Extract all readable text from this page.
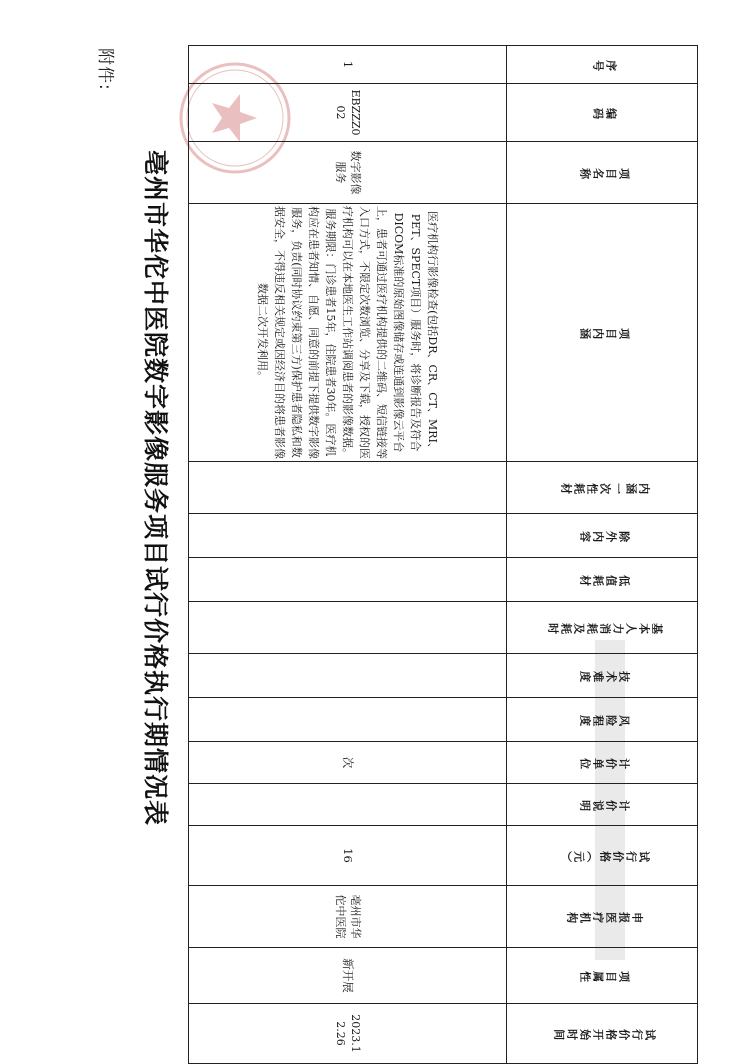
附件:
亳州市华佗中医院数字影像服务项目试行价格执行期情况表
序号	编码	项目名称	项目内涵	内涵一次性耗材	除外内容	低值耗材	基本人力消耗及耗时	技术难度	风险程度	计价单位	计价说明	试行价格（元）	申报医疗机构	项目属性	试行价格开始时间
1	EBZZZ002	数字影像服务	医疗机构行影像检查(包括DR、CR、CT、MRI、PET、SPECT项目）服务时，将诊断报告及符合DICOM标准的原始图像储存或连通到影像云平台上，患者可通过医疗机构提供的二维码、短信链接等入口方式，不限定次数浏览、分享及下载，授权的医疗机构可以在本地医生工作站调阅患者的影像数据。服务期限：门诊患者15年，住院患者30年。医疗机构应在患者知情、自愿、同意的前提下提供数字影像服务，负责(同时协议约束第三方)保护患者隐私和数据安全，不得违反相关规定或因经济目的将患者影像数据二次开发利用。							次		16	亳州市华佗中医院	新开展	2023.12.26
